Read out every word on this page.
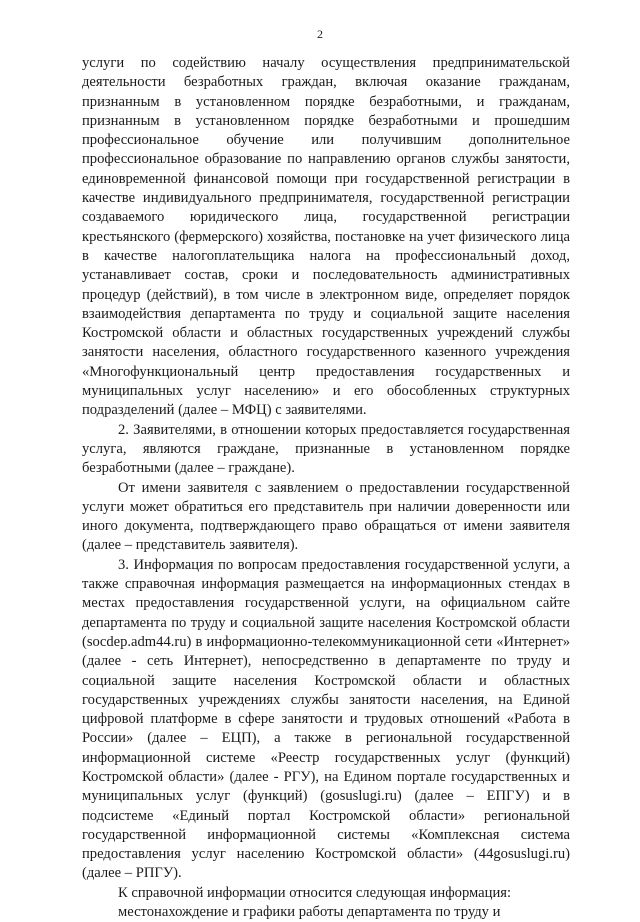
2

услуги по содействию началу осуществления предпринимательской деятельности безработных граждан, включая оказание гражданам, признанным в установленном порядке безработными, и гражданам, признанным в установленном порядке безработными и прошедшим профессиональное обучение или получившим дополнительное профессиональное образование по направлению органов службы занятости, единовременной финансовой помощи при государственной регистрации в качестве индивидуального предпринимателя, государственной регистрации создаваемого юридического лица, государственной регистрации крестьянского (фермерского) хозяйства, постановке на учет физического лица в качестве налогоплательщика налога на профессиональный доход, устанавливает состав, сроки и последовательность административных процедур (действий), в том числе в электронном виде, определяет порядок взаимодействия департамента по труду и социальной защите населения Костромской области и областных государственных учреждений службы занятости населения, областного государственного казенного учреждения «Многофункциональный центр предоставления государственных и муниципальных услуг населению» и его обособленных структурных подразделений (далее – МФЦ) с заявителями.

2. Заявителями, в отношении которых предоставляется государственная услуга, являются граждане, признанные в установленном порядке безработными (далее – граждане).

От имени заявителя с заявлением о предоставлении государственной услуги может обратиться его представитель при наличии доверенности или иного документа, подтверждающего право обращаться от имени заявителя (далее – представитель заявителя).

3. Информация по вопросам предоставления государственной услуги, а также справочная информация размещается на информационных стендах в местах предоставления государственной услуги, на официальном сайте департамента по труду и социальной защите населения Костромской области (socdep.adm44.ru) в информационно-телекоммуникационной сети «Интернет» (далее - сеть Интернет), непосредственно в департаменте по труду и социальной защите населения Костромской области и областных государственных учреждениях службы занятости населения, на Единой цифровой платформе в сфере занятости и трудовых отношений «Работа в России» (далее – ЕЦП), а также в региональной государственной информационной системе «Реестр государственных услуг (функций) Костромской области» (далее - РГУ), на Едином портале государственных и муниципальных услуг (функций) (gosuslugi.ru) (далее – ЕПГУ) и в подсистеме «Единый портал Костромской области» региональной государственной информационной системы «Комплексная система предоставления услуг населению Костромской области» (44gosuslugi.ru) (далее – РПГУ).

К справочной информации относится следующая информация:

местонахождение и графики работы департамента по труду и
